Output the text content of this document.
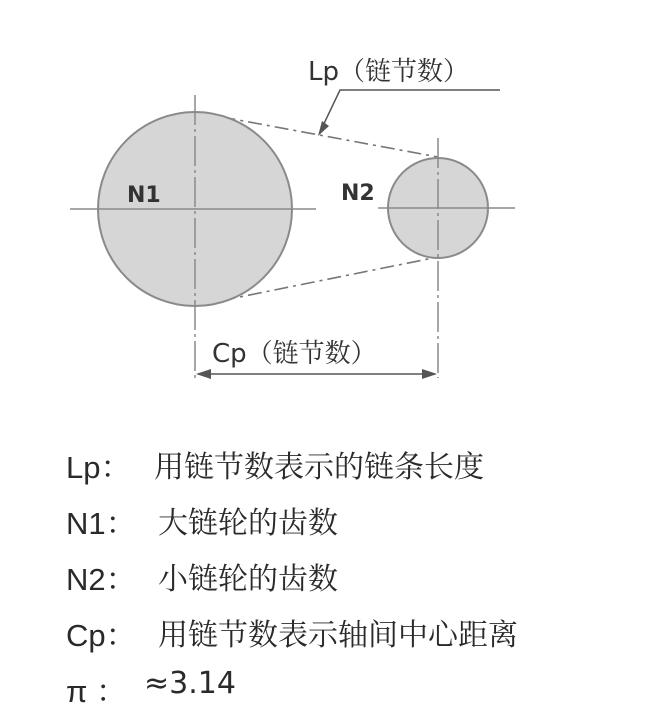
Lp（链节数）
Cp（链节数）
N1	N2
Lp： 用链节数表示的链条长度
N1： 大链轮的齿数
N2： 小链轮的齿数
Cp： 用链节数表示轴间中心距离
π ： ≈3.14
